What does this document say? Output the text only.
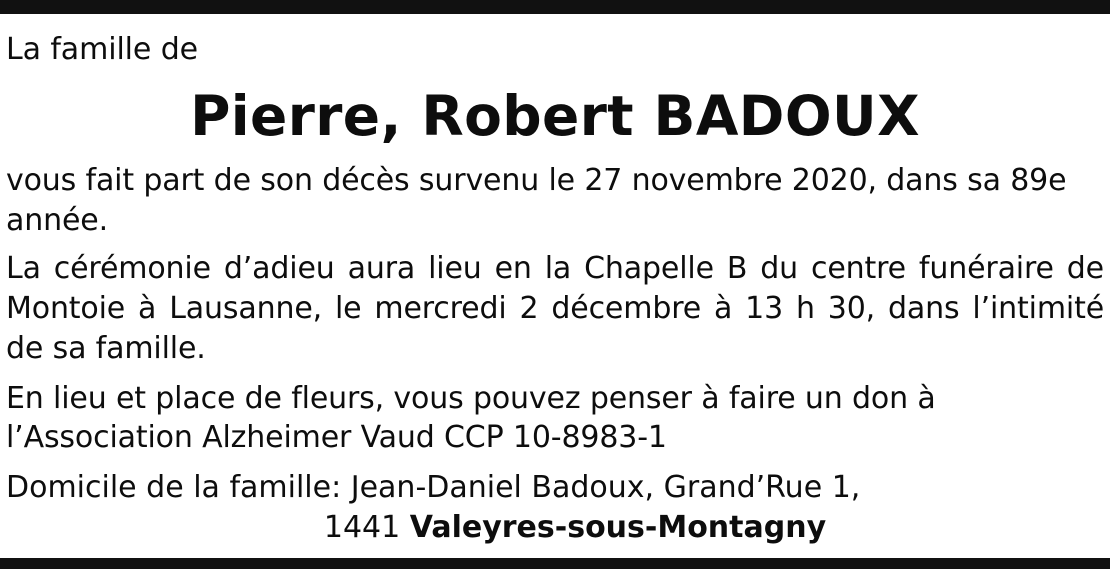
La famille de
Pierre, Robert BADOUX

vous fait part de son décès survenu le 27 novembre 2020, dans sa 89e année.

La cérémonie d’adieu aura lieu en la Chapelle B du centre funéraire de Montoie à Lausanne, le mercredi 2 décembre à 13 h 30, dans l’intimité de sa famille.

En lieu et place de fleurs, vous pouvez penser à faire un don à l’Association Alzheimer Vaud CCP 10-8983-1

Domicile de la famille: Jean-Daniel Badoux, Grand’Rue 1,

1441 Valeyres-sous-Montagny
